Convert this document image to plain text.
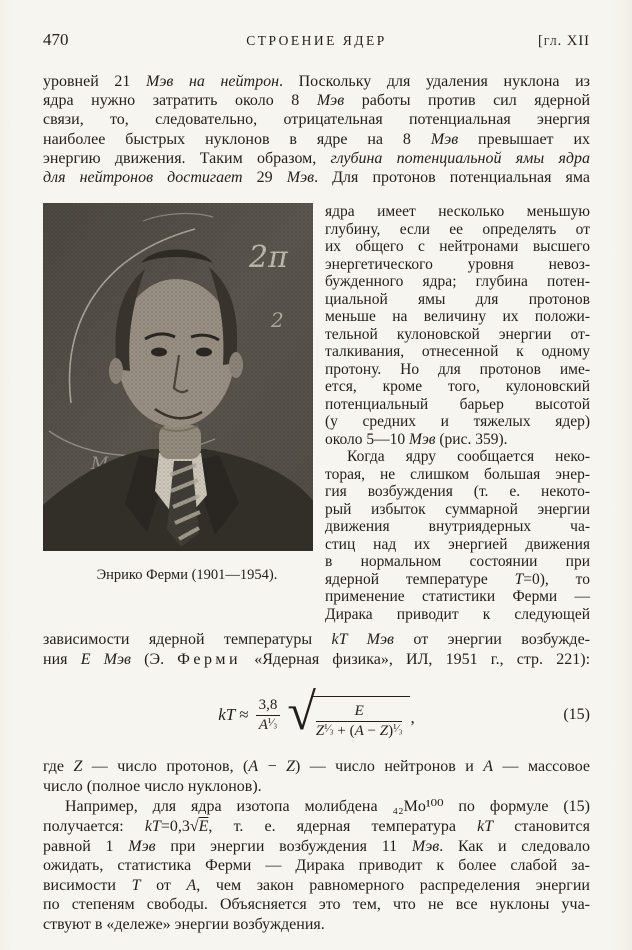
470	СТРОЕНИЕ ЯДЕР	[гл. XII
уровней 21 Мэв на нейтрон. Поскольку для удаления нуклона из
ядра нужно затратить около 8 Мэв работы против сил ядерной
связи, то, следовательно, отрицательная потенциальная энергия
наиболее быстрых нуклонов в ядре на 8 Мэв превышает их
энергию движения. Таким образом, глубина потенциальной ямы ядра
для нейтронов достигает 29 Мэв. Для протонов потенциальная яма
Энрико Ферми (1901—1954).
ядра имеет несколько меньшую
глубину, если ее определять от
их общего с нейтронами высшего
энергетического уровня невоз-
бужденного ядра; глубина потен-
циальной ямы для протонов
меньше на величину их положи-
тельной кулоновской энергии от-
талкивания, отнесенной к одному
протону. Но для протонов име-
ется, кроме того, кулоновский
потенциальный барьер высотой
(у средних и тяжелых ядер)
около 5—10 Мэв (рис. 359).
Когда ядру сообщается неко-
торая, не слишком большая энер-
гия возбуждения (т. е. некото-
рый избыток суммарной энергии
движения внутриядерных ча-
стиц над их энергией движения
в нормальном состоянии при
ядерной температуре T=0), то
применение статистики Ферми —
Дирака приводит к следующей
зависимости ядерной температуры kT Мэв от энергии возбужде-
ния E Мэв (Э. Ферми «Ядерная физика», ИЛ, 1951 г., стр. 221):
kT ≈ $\frac{3,8}{A^{^1⁄_3}}$ √ $\frac{E}{Z^{^1⁄_3} + (A - Z)^{^1⁄_3}}$ ,	(15)
где Z — число протонов, (A − Z) — число нейтронов и A — массовое
число (полное число нуклонов).
Например, для ядра изотопа молибдена ₄₂Mo¹⁰⁰ по формуле (15)
получается: kT=0,3√E, т. е. ядерная температура kT становится
равной 1 Мэв при энергии возбуждения 11 Мэв. Как и следовало
ожидать, статистика Ферми — Дирака приводит к более слабой за-
висимости T от A, чем закон равномерного распределения энергии
по степеням свободы. Объясняется это тем, что не все нуклоны уча-
ствуют в «дележе» энергии возбуждения.
